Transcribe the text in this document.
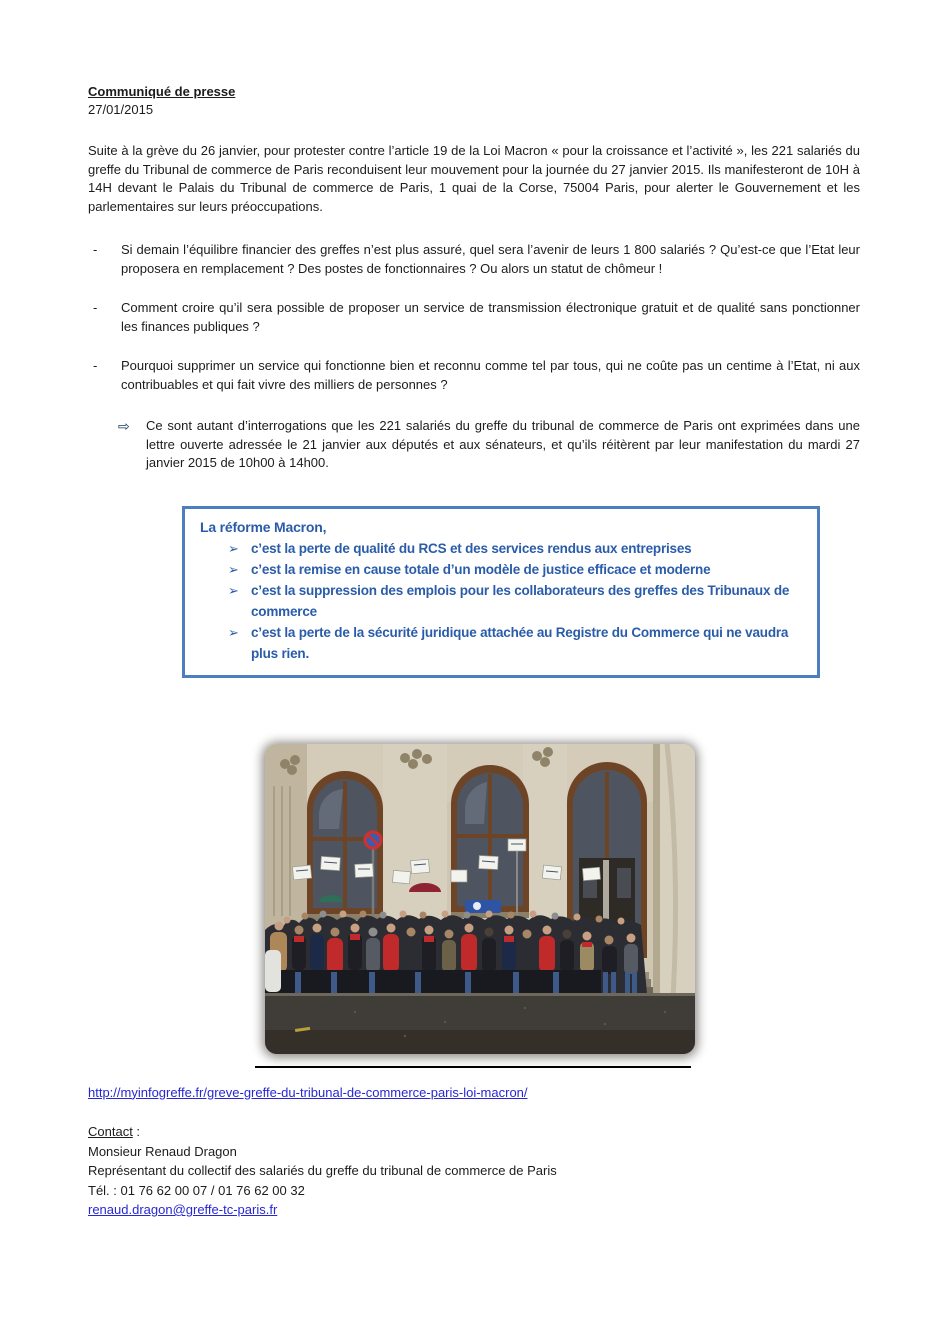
Communiqué de presse
27/01/2015

Suite à la grève du 26 janvier, pour protester contre l’article 19 de la Loi Macron « pour la croissance et l’activité », les 221 salariés du greffe du Tribunal de commerce de Paris reconduisent leur mouvement pour la journée du 27 janvier 2015. Ils manifesteront de 10H à 14H devant le Palais du Tribunal de commerce de Paris, 1 quai de la Corse, 75004 Paris, pour alerter le Gouvernement et les parlementaires sur leurs préoccupations.

-	Si demain l’équilibre financier des greffes n’est plus assuré, quel sera l’avenir de leurs 1 800 salariés ? Qu’est-ce que l’Etat leur proposera en remplacement ? Des postes de fonctionnaires ? Ou alors un statut de chômeur !
-	Comment croire qu’il sera possible de proposer un service de transmission électronique gratuit et de qualité sans ponctionner les finances publiques ?
-	Pourquoi supprimer un service qui fonctionne bien et reconnu comme tel par tous, qui ne coûte pas un centime à l’Etat, ni aux contribuables et qui fait vivre des milliers de personnes ?
⇨	Ce sont autant d’interrogations que les 221 salariés du greffe du tribunal de commerce de Paris ont exprimées dans une lettre ouverte adressée le 21 janvier aux députés et aux sénateurs, et qu’ils réitèrent par leur manifestation du mardi 27 janvier 2015 de 10h00 à 14h00.
La réforme Macron,
➢ c’est la perte de qualité du RCS et des services rendus aux entreprises
➢ c’est la remise en cause totale d’un modèle de justice efficace et moderne
➢ c’est la suppression des emplois pour les collaborateurs des greffes des Tribunaux de commerce
➢ c’est la perte de la sécurité juridique attachée au Registre du Commerce qui ne vaudra plus rien.

http://myinfogreffe.fr/greve-greffe-du-tribunal-de-commerce-paris-loi-macron/

Contact :
Monsieur Renaud Dragon
Représentant du collectif des salariés du greffe du tribunal de commerce de Paris
Tél. : 01 76 62 00 07 / 01 76 62 00 32
renaud.dragon@greffe-tc-paris.fr
